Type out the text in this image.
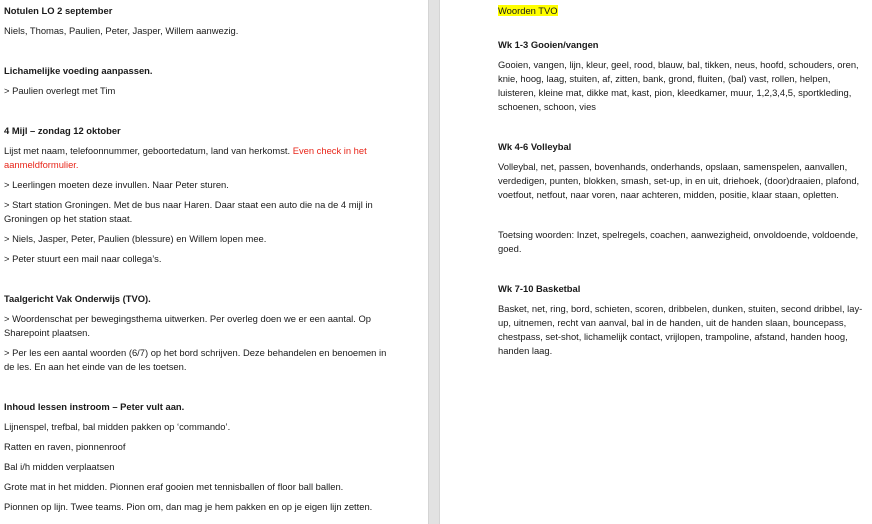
Notulen LO 2 september

Niels, Thomas, Paulien, Peter, Jasper, Willem aanwezig.

Lichamelijke voeding aanpassen.

> Paulien overlegt met Tim

4 Mijl – zondag 12 oktober

Lijst met naam, telefoonnummer, geboortedatum, land van herkomst. Even check in het aanmeldformulier.

> Leerlingen moeten deze invullen. Naar Peter sturen.

> Start station Groningen. Met de bus naar Haren. Daar staat een auto die na de 4 mijl in Groningen op het station staat.

> Niels, Jasper, Peter, Paulien (blessure) en Willem lopen mee.

> Peter stuurt een mail naar collega’s.

Taalgericht Vak Onderwijs (TVO).

> Woordenschat per bewegingsthema uitwerken. Per overleg doen we er een aantal. Op Sharepoint plaatsen.

> Per les een aantal woorden (6/7) op het bord schrijven. Deze behandelen en benoemen in de les. En aan het einde van de les toetsen.

Inhoud lessen instroom – Peter vult aan.

Lijnenspel, trefbal, bal midden pakken op ‘commando’.

Ratten en raven, pionnenroof

Bal i/h midden verplaatsen

Grote mat in het midden. Pionnen eraf gooien met tennisballen of floor ball ballen.

Pionnen op lijn. Twee teams. Pion om, dan mag je hem pakken en op je eigen lijn zetten.

Woorden TVO

Wk 1-3 Gooien/vangen

Gooien, vangen, lijn, kleur, geel, rood, blauw, bal, tikken, neus, hoofd, schouders, oren, knie, hoog, laag, stuiten, af, zitten, bank, grond, fluiten, (bal) vast, rollen, helpen, luisteren, kleine mat, dikke mat, kast, pion, kleedkamer, muur, 1,2,3,4,5, sportkleding, schoenen, schoon, vies

Wk 4-6 Volleybal

Volleybal, net, passen, bovenhands, onderhands, opslaan, samenspelen, aanvallen, verdedigen, punten, blokken, smash, set-up, in en uit, driehoek, (door)draaien, plafond, voetfout, netfout, naar voren, naar achteren, midden, positie, klaar staan, opletten.

Toetsing woorden: Inzet, spelregels, coachen, aanwezigheid, onvoldoende, voldoende, goed.

Wk 7-10 Basketbal

Basket, net, ring, bord, schieten, scoren, dribbelen, dunken, stuiten, second dribbel, lay-up, uitnemen, recht van aanval, bal in de handen, uit de handen slaan, bouncepass, chestpass, set-shot, lichamelijk contact, vrijlopen, trampoline, afstand, handen hoog, handen laag.
